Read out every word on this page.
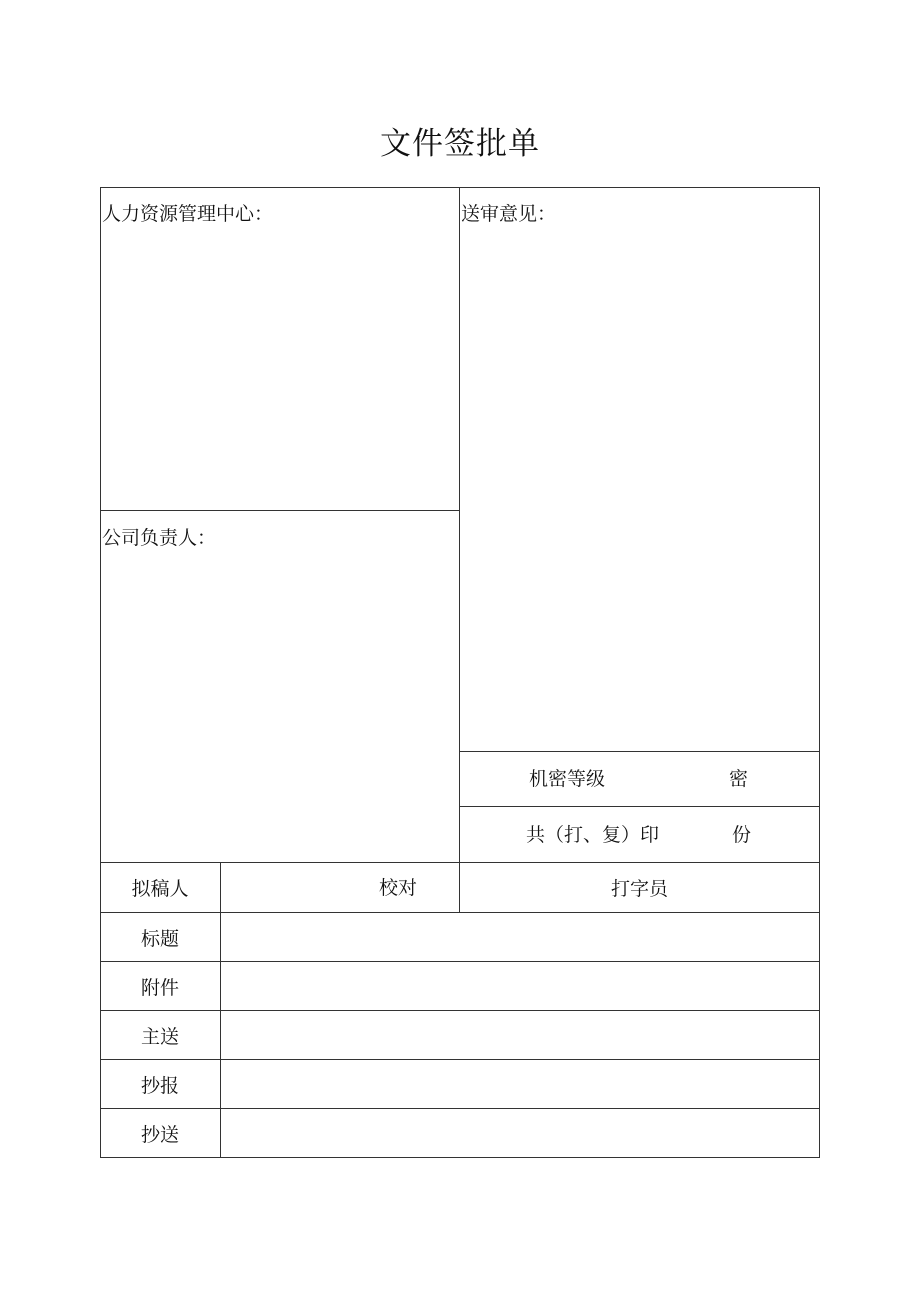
文件签批单
人力资源管理中心：	送审意见：
公司负责人：
机密等级	密
共（打、复）印	份
拟稿人	校对	打字员
标题
附件
主送
抄报
抄送
